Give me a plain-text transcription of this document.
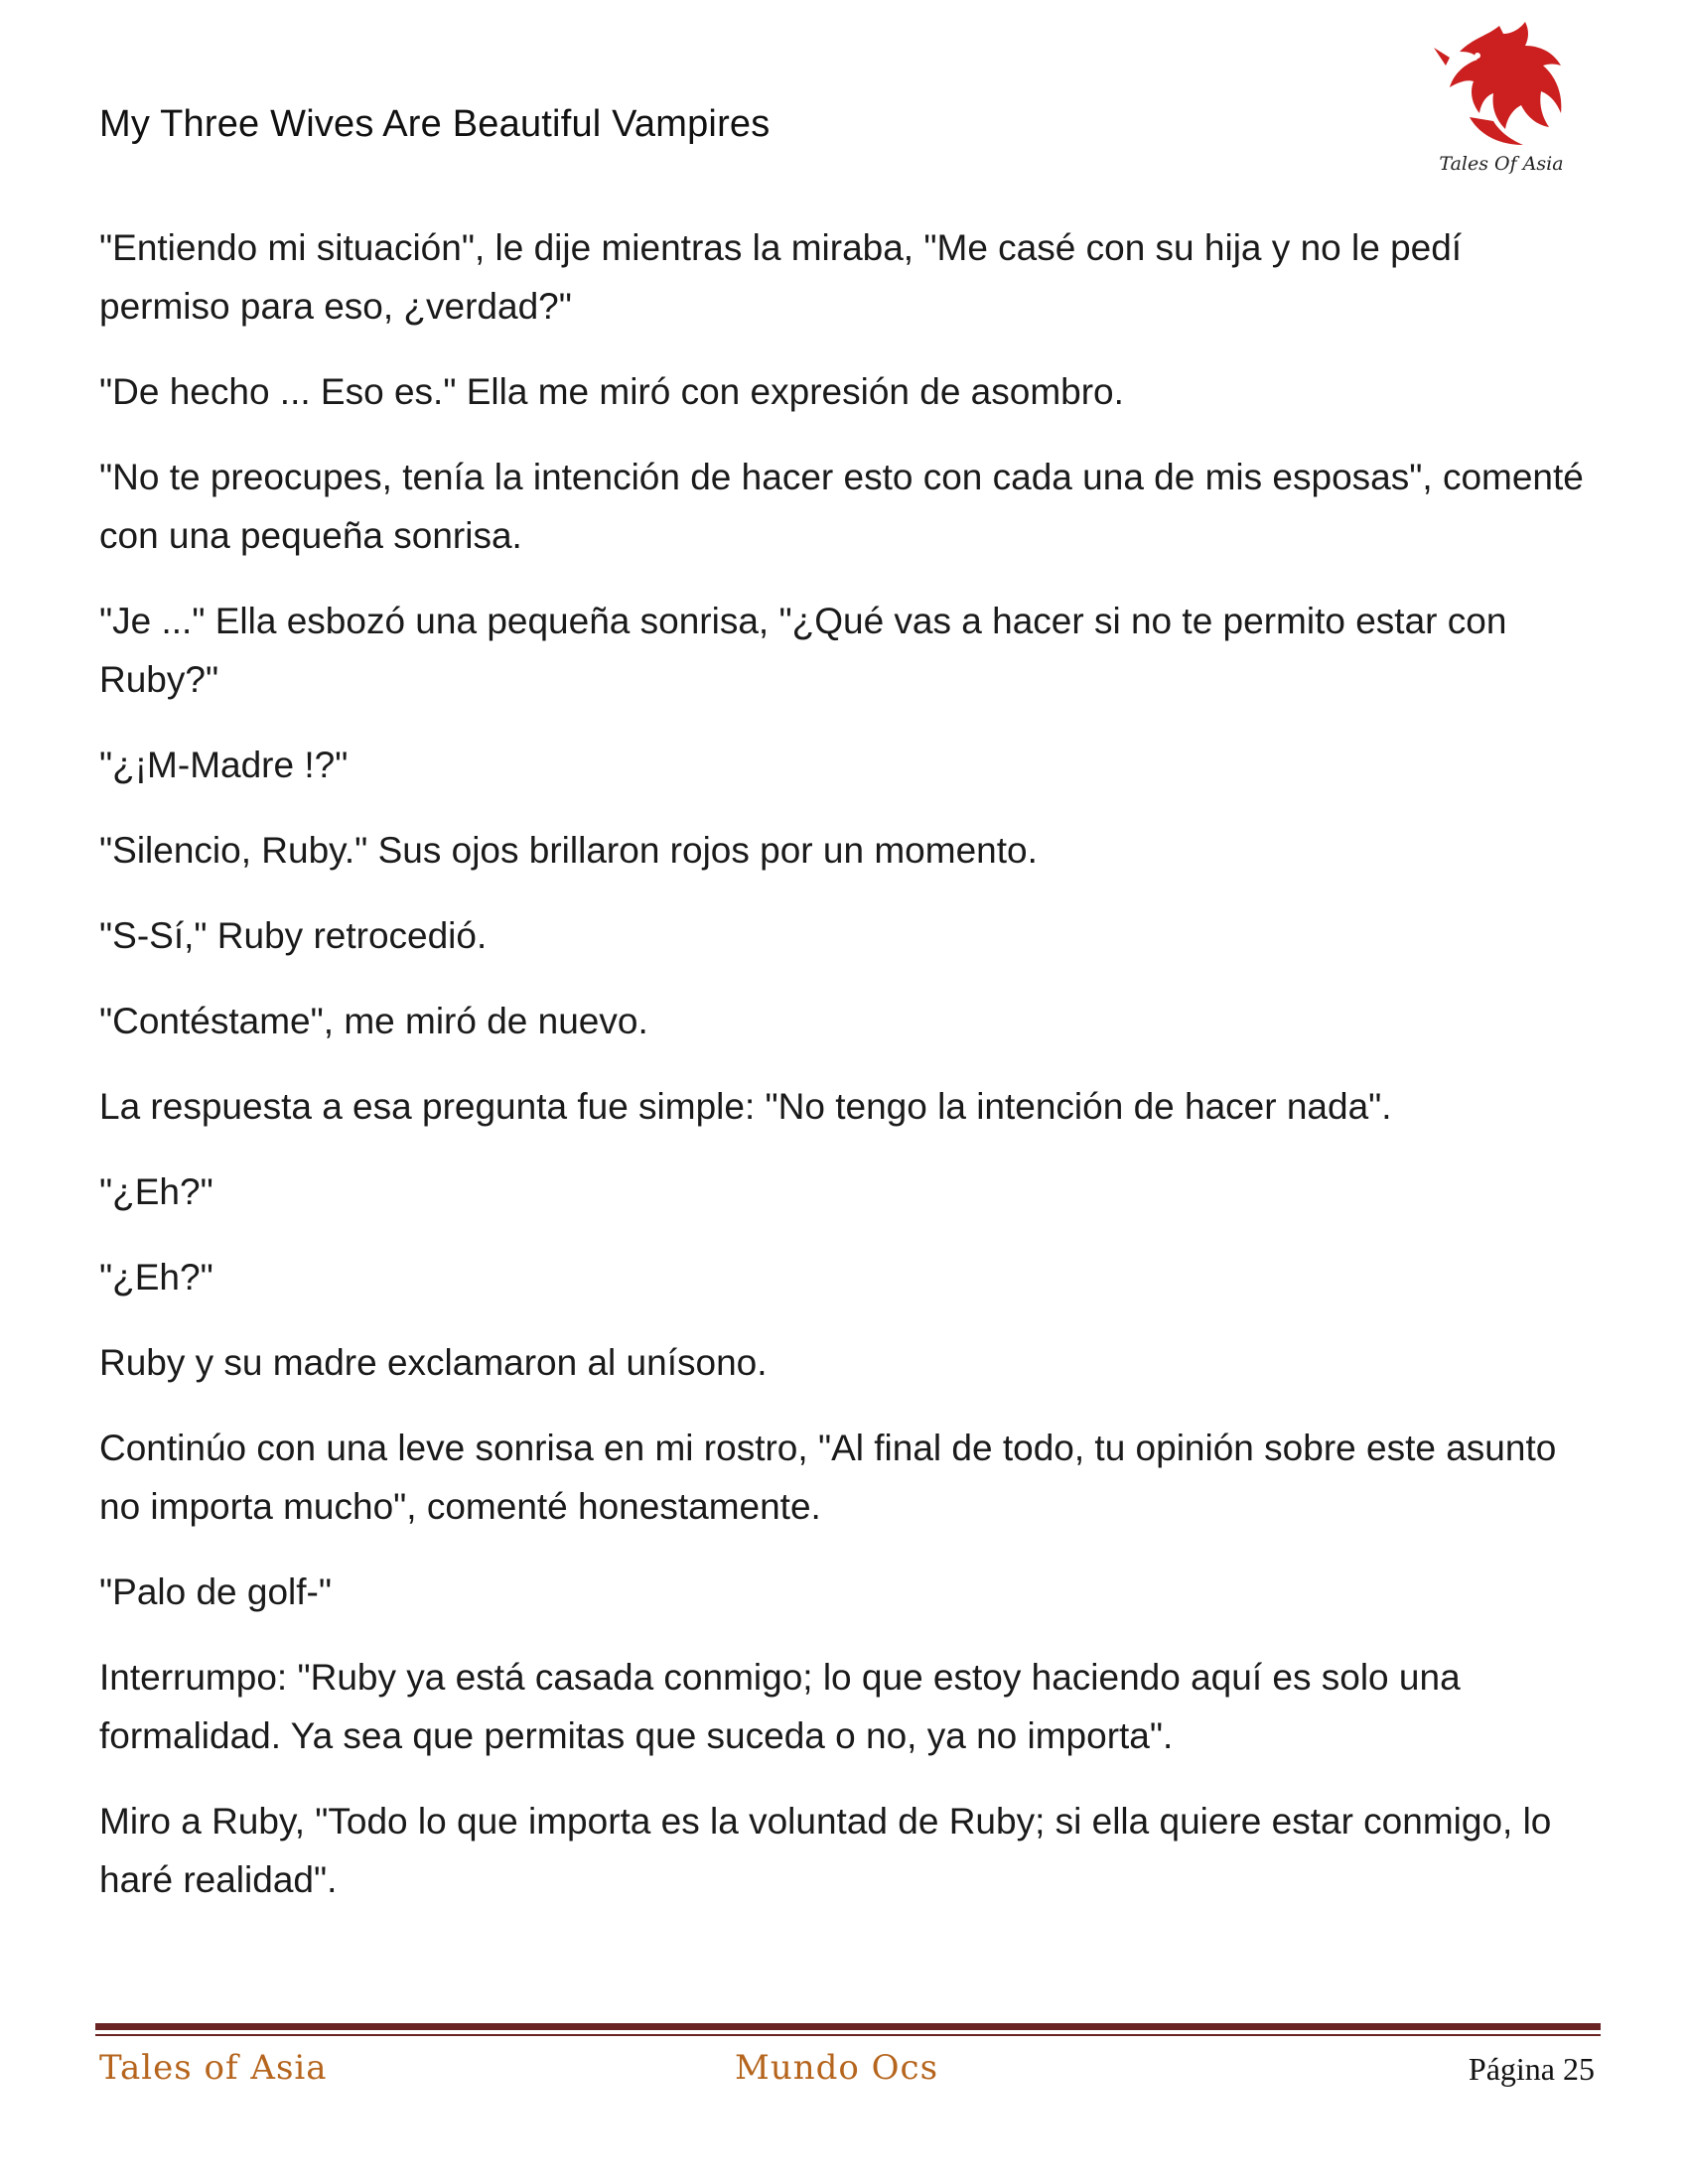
My Three Wives Are Beautiful Vampires
Tales Of Asia

"Entiendo mi situación", le dije mientras la miraba, "Me casé con su hija y no le pedí permiso para eso, ¿verdad?"

"De hecho ... Eso es." Ella me miró con expresión de asombro.

"No te preocupes, tenía la intención de hacer esto con cada una de mis esposas", comenté con una pequeña sonrisa.

"Je ..." Ella esbozó una pequeña sonrisa, "¿Qué vas a hacer si no te permito estar con Ruby?"

"¿¡M-Madre !?"

"Silencio, Ruby." Sus ojos brillaron rojos por un momento.

"S-Sí," Ruby retrocedió.

"Contéstame", me miró de nuevo.

La respuesta a esa pregunta fue simple: "No tengo la intención de hacer nada".

"¿Eh?"

"¿Eh?"

Ruby y su madre exclamaron al unísono.

Continúo con una leve sonrisa en mi rostro, "Al final de todo, tu opinión sobre este asunto no importa mucho", comenté honestamente.

"Palo de golf-"

Interrumpo: "Ruby ya está casada conmigo; lo que estoy haciendo aquí es solo una formalidad. Ya sea que permitas que suceda o no, ya no importa".

Miro a Ruby, "Todo lo que importa es la voluntad de Ruby; si ella quiere estar conmigo, lo haré realidad".

Tales of Asia	Mundo Ocs	Página 25
